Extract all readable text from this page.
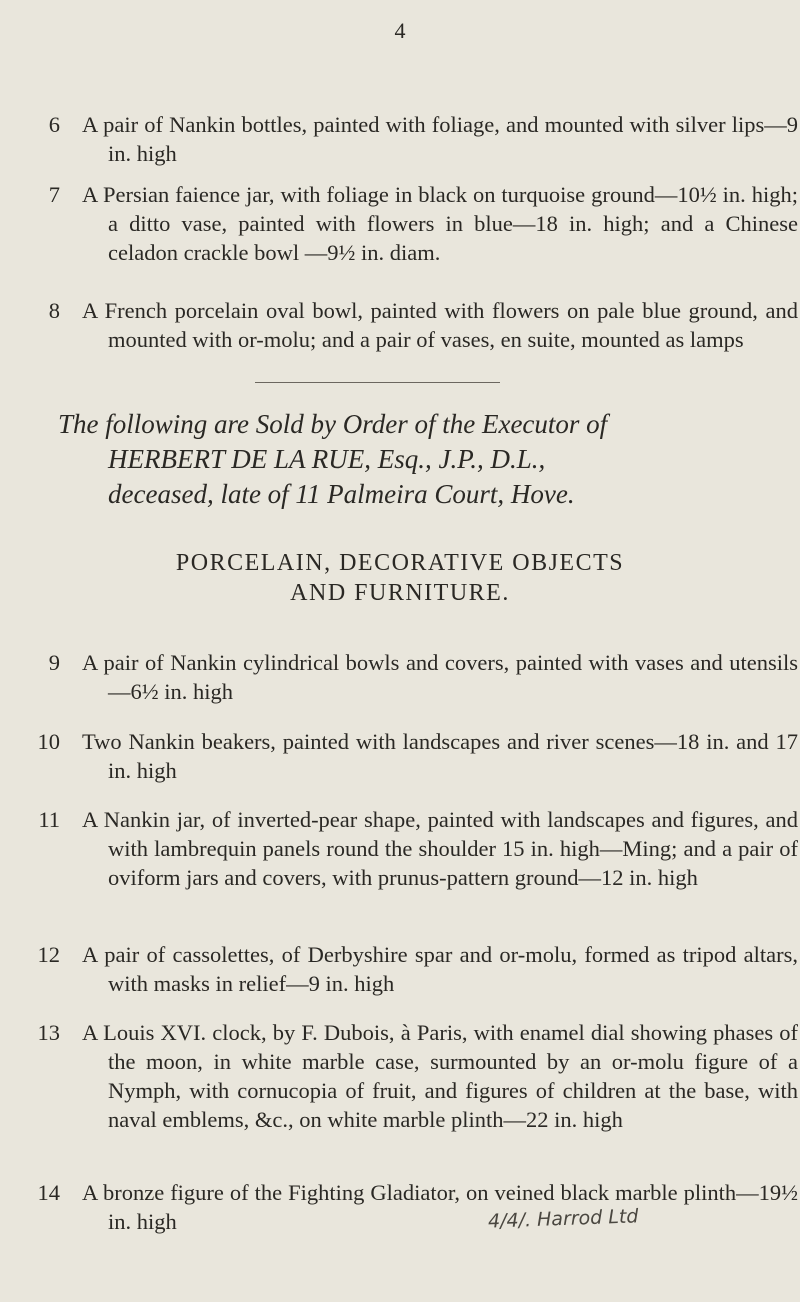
4
6 A pair of Nankin bottles, painted with foliage, and mounted with silver lips—9 in. high
7 A Persian faience jar, with foliage in black on turquoise ground—10½ in. high; a ditto vase, painted with flowers in blue—18 in. high; and a Chinese celadon crackle bowl —9½ in. diam.
8 A French porcelain oval bowl, painted with flowers on pale blue ground, and mounted with or-molu; and a pair of vases, en suite, mounted as lamps
The following are Sold by Order of the Executor of
HERBERT DE LA RUE, Esq., J.P., D.L.,
deceased, late of 11 Palmeira Court, Hove.
PORCELAIN, DECORATIVE OBJECTS
AND FURNITURE.
9 A pair of Nankin cylindrical bowls and covers, painted with vases and utensils—6½ in. high
10 Two Nankin beakers, painted with landscapes and river scenes—18 in. and 17 in. high
11 A Nankin jar, of inverted-pear shape, painted with landscapes and figures, and with lambrequin panels round the shoulder 15 in. high—Ming; and a pair of oviform jars and covers, with prunus-pattern ground—12 in. high
12 A pair of cassolettes, of Derbyshire spar and or-molu, formed as tripod altars, with masks in relief—9 in. high
13 A Louis XVI. clock, by F. Dubois, à Paris, with enamel dial showing phases of the moon, in white marble case, surmounted by an or-molu figure of a Nymph, with cornucopia of fruit, and figures of children at the base, with naval emblems, &c., on white marble plinth—22 in. high
14 A bronze figure of the Fighting Gladiator, on veined black marble plinth—19½ in. high	4/4/. Harrod Ltd
